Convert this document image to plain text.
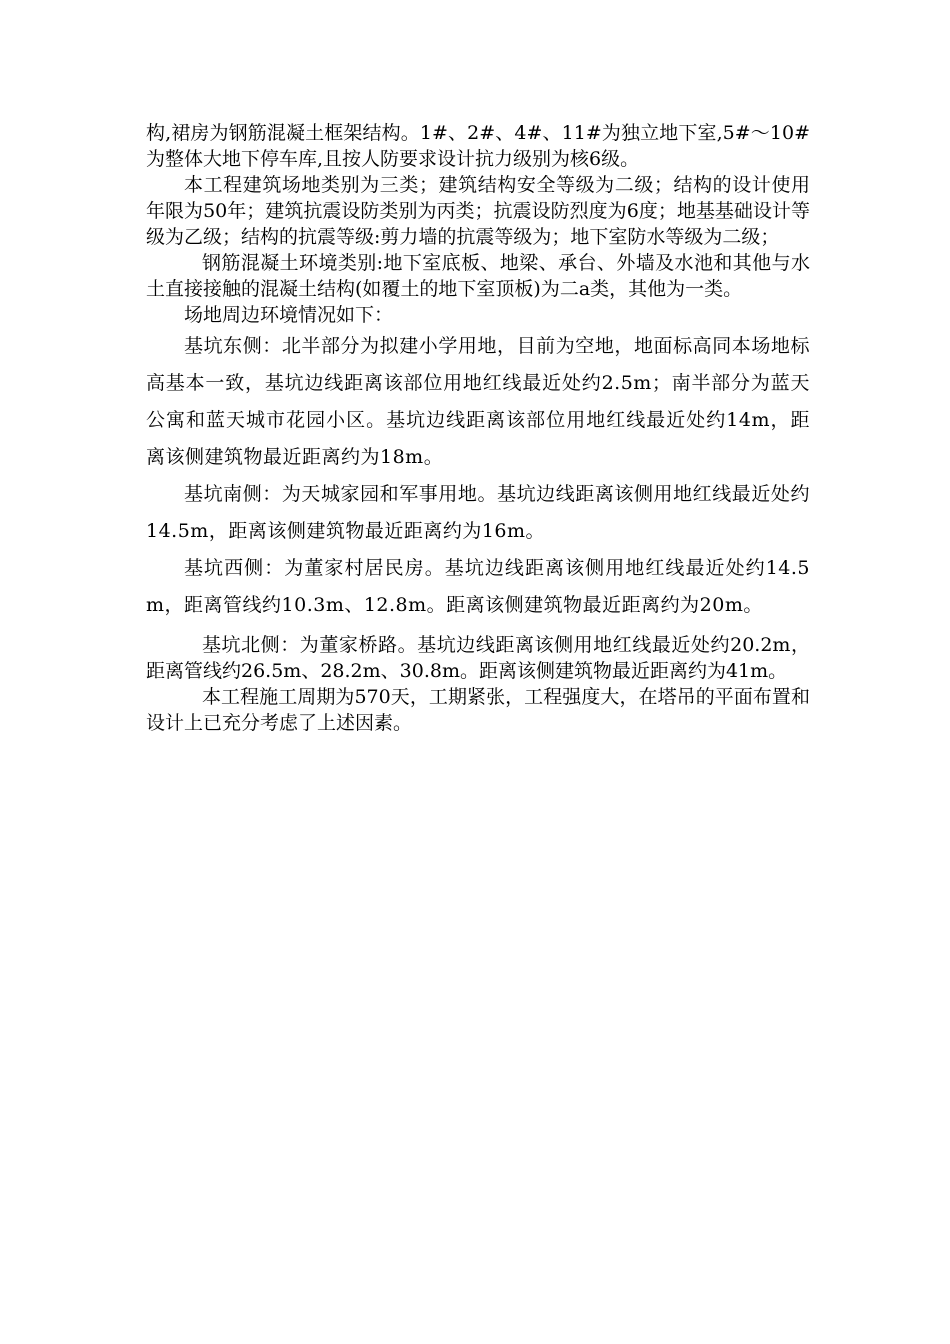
构,裙房为钢筋混凝土框架结构。1#、2#、4#、11#为独立地下室,5#～10#为整体大地下停车库,且按人防要求设计抗力级别为核6级。

本工程建筑场地类别为三类；建筑结构安全等级为二级；结构的设计使用年限为50年；建筑抗震设防类别为丙类；抗震设防烈度为6度；地基基础设计等级为乙级；结构的抗震等级:剪力墙的抗震等级为；地下室防水等级为二级；

钢筋混凝土环境类别:地下室底板、地梁、承台、外墙及水池和其他与水土直接接触的混凝土结构(如覆土的地下室顶板)为二a类，其他为一类。

场地周边环境情况如下：

基坑东侧：北半部分为拟建小学用地，目前为空地，地面标高同本场地标高基本一致，基坑边线距离该部位用地红线最近处约2.5m；南半部分为蓝天公寓和蓝天城市花园小区。基坑边线距离该部位用地红线最近处约14m，距离该侧建筑物最近距离约为18m。

基坑南侧：为天城家园和军事用地。基坑边线距离该侧用地红线最近处约14.5m，距离该侧建筑物最近距离约为16m。

基坑西侧：为董家村居民房。基坑边线距离该侧用地红线最近处约14.5m，距离管线约10.3m、12.8m。距离该侧建筑物最近距离约为20m。

基坑北侧：为董家桥路。基坑边线距离该侧用地红线最近处约20.2m，距离管线约26.5m、28.2m、30.8m。距离该侧建筑物最近距离约为41m。

本工程施工周期为570天，工期紧张，工程强度大，在塔吊的平面布置和设计上已充分考虑了上述因素。
